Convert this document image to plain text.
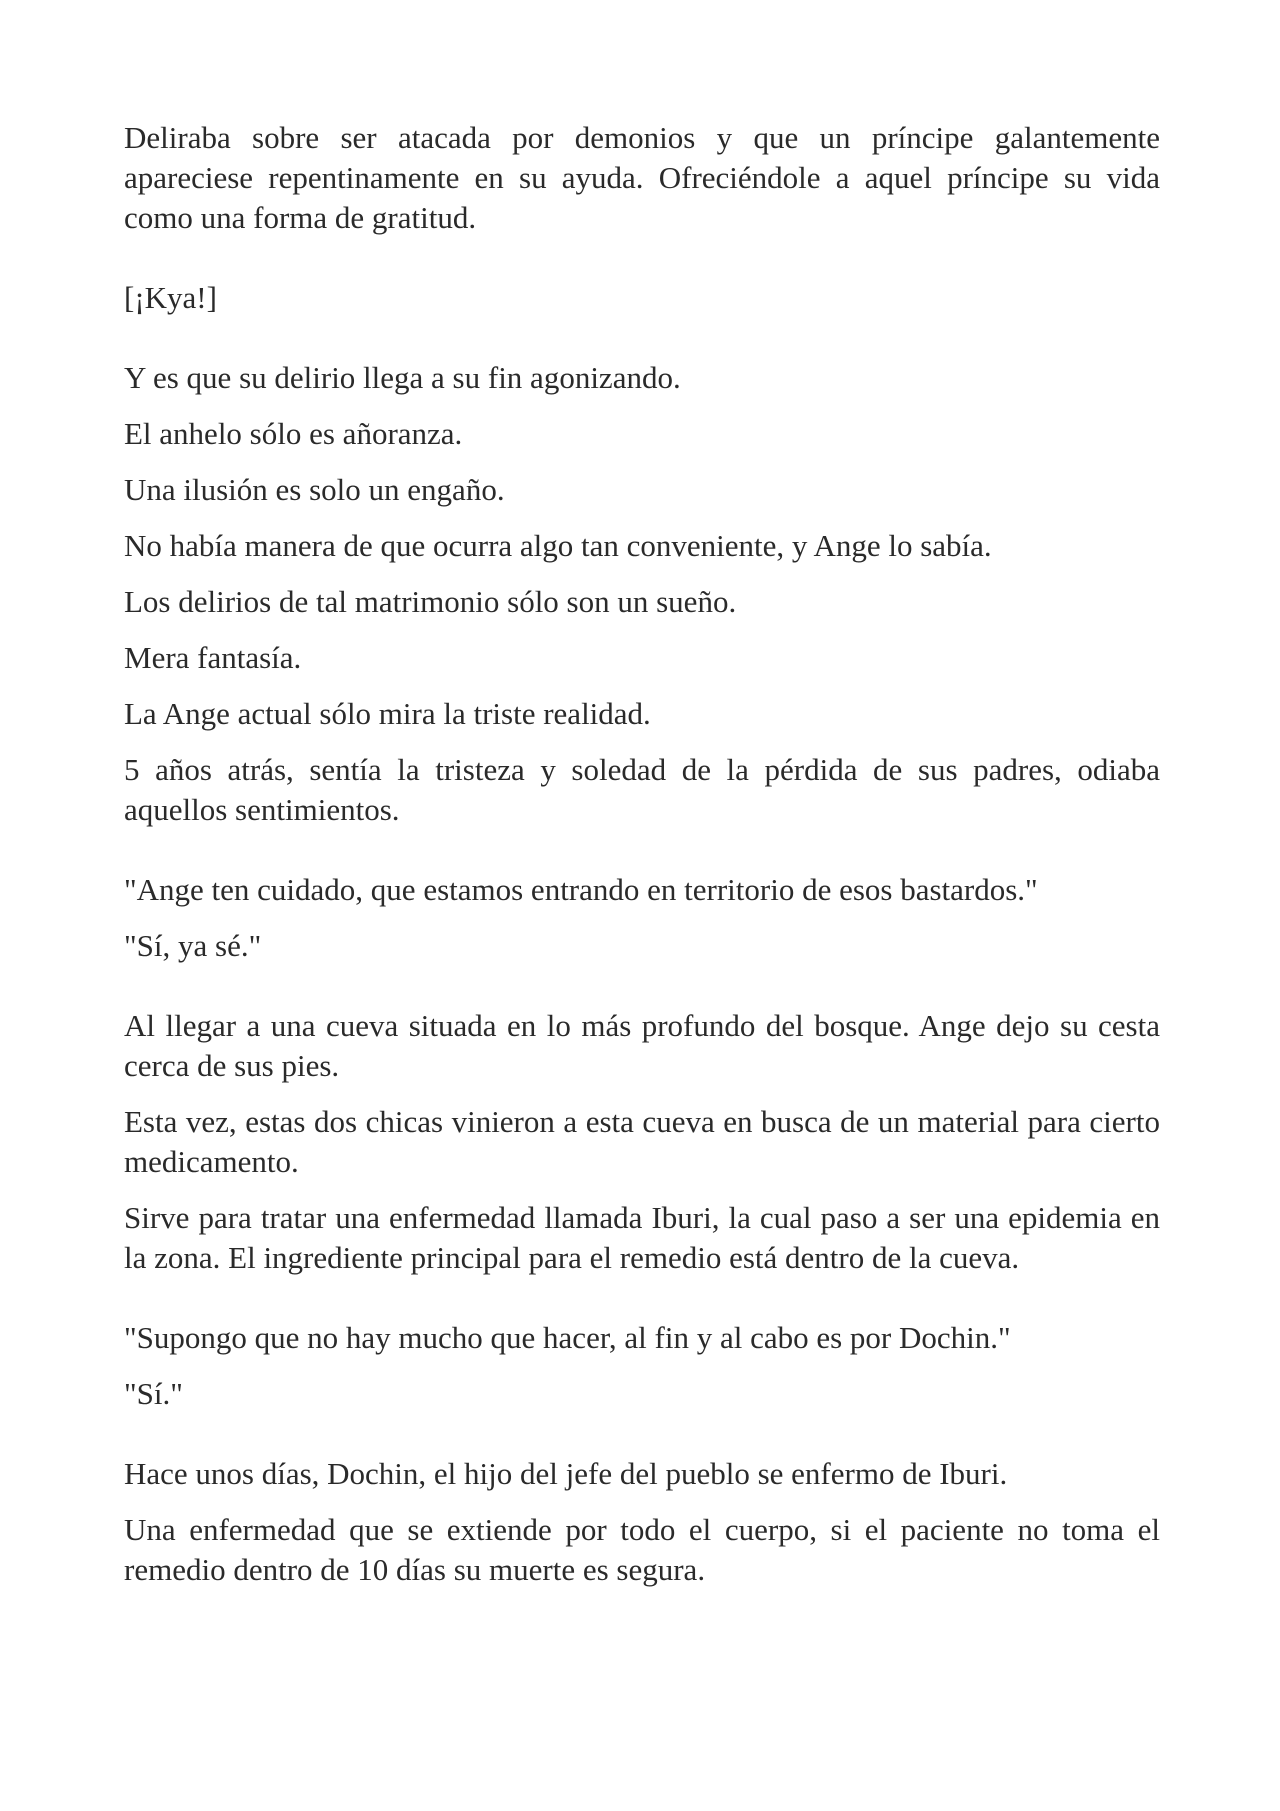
Deliraba sobre ser atacada por demonios y que un príncipe galantemente apareciese repentinamente en su ayuda. Ofreciéndole a aquel príncipe su vida como una forma de gratitud.

[¡Kya!]

Y es que su delirio llega a su fin agonizando.

El anhelo sólo es añoranza.

Una ilusión es solo un engaño.

No había manera de que ocurra algo tan conveniente, y Ange lo sabía.

Los delirios de tal matrimonio sólo son un sueño.

Mera fantasía.

La Ange actual sólo mira la triste realidad.

5 años atrás, sentía la tristeza y soledad de la pérdida de sus padres, odiaba aquellos sentimientos.

"Ange ten cuidado, que estamos entrando en territorio de esos bastardos."

"Sí, ya sé."

Al llegar a una cueva situada en lo más profundo del bosque. Ange dejo su cesta cerca de sus pies.

Esta vez, estas dos chicas vinieron a esta cueva en busca de un material para cierto medicamento.

Sirve para tratar una enfermedad llamada Iburi, la cual paso a ser una epidemia en la zona. El ingrediente principal para el remedio está dentro de la cueva.

"Supongo que no hay mucho que hacer, al fin y al cabo es por Dochin."

"Sí."

Hace unos días, Dochin, el hijo del jefe del pueblo se enfermo de Iburi.

Una enfermedad que se extiende por todo el cuerpo, si el paciente no toma el remedio dentro de 10 días su muerte es segura.
